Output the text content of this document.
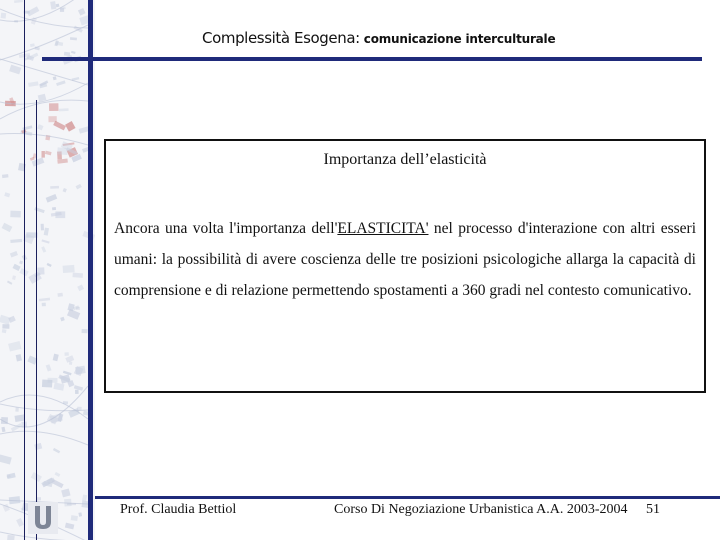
Complessità Esogena: comunicazione interculturale
Importanza dell’elasticità
Ancora una volta l'importanza dell'ELASTICITA' nel processo d'interazione con altri esseri umani: la possibilità di avere coscienza delle tre posizioni psicologiche allarga la capacità di comprensione e di relazione permettendo spostamenti a 360 gradi nel contesto comunicativo.
Prof. Claudia Bettiol	Corso Di Negoziazione Urbanistica A.A. 2003-2004 51
